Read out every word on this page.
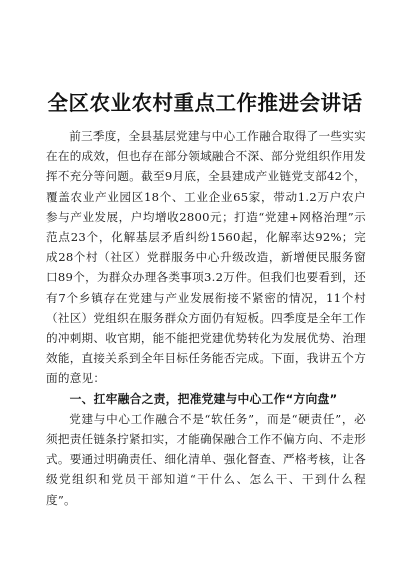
全区农业农村重点工作推进会讲话

前三季度，全县基层党建与中心工作融合取得了一些实实在在的成效，但也存在部分领域融合不深、部分党组织作用发挥不充分等问题。截至9月底，全县建成产业链党支部42个，覆盖农业产业园区18个、工业企业65家，带动1.2万户农户参与产业发展，户均增收2800元；打造“党建+网格治理”示范点23个，化解基层矛盾纠纷1560起，化解率达92%；完成28个村（社区）党群服务中心升级改造，新增便民服务窗口89个，为群众办理各类事项3.2万件。但我们也要看到，还有7个乡镇存在党建与产业发展衔接不紧密的情况，11个村（社区）党组织在服务群众方面仍有短板。四季度是全年工作的冲刺期、收官期，能不能把党建优势转化为发展优势、治理效能，直接关系到全年目标任务能否完成。下面，我讲五个方面的意见：

一、扛牢融合之责，把准党建与中心工作“方向盘”

党建与中心工作融合不是“软任务”，而是“硬责任”，必须把责任链条拧紧扣实，才能确保融合工作不偏方向、不走形式。要通过明确责任、细化清单、强化督查、严格考核，让各级党组织和党员干部知道“干什么、怎么干、干到什么程度”。
